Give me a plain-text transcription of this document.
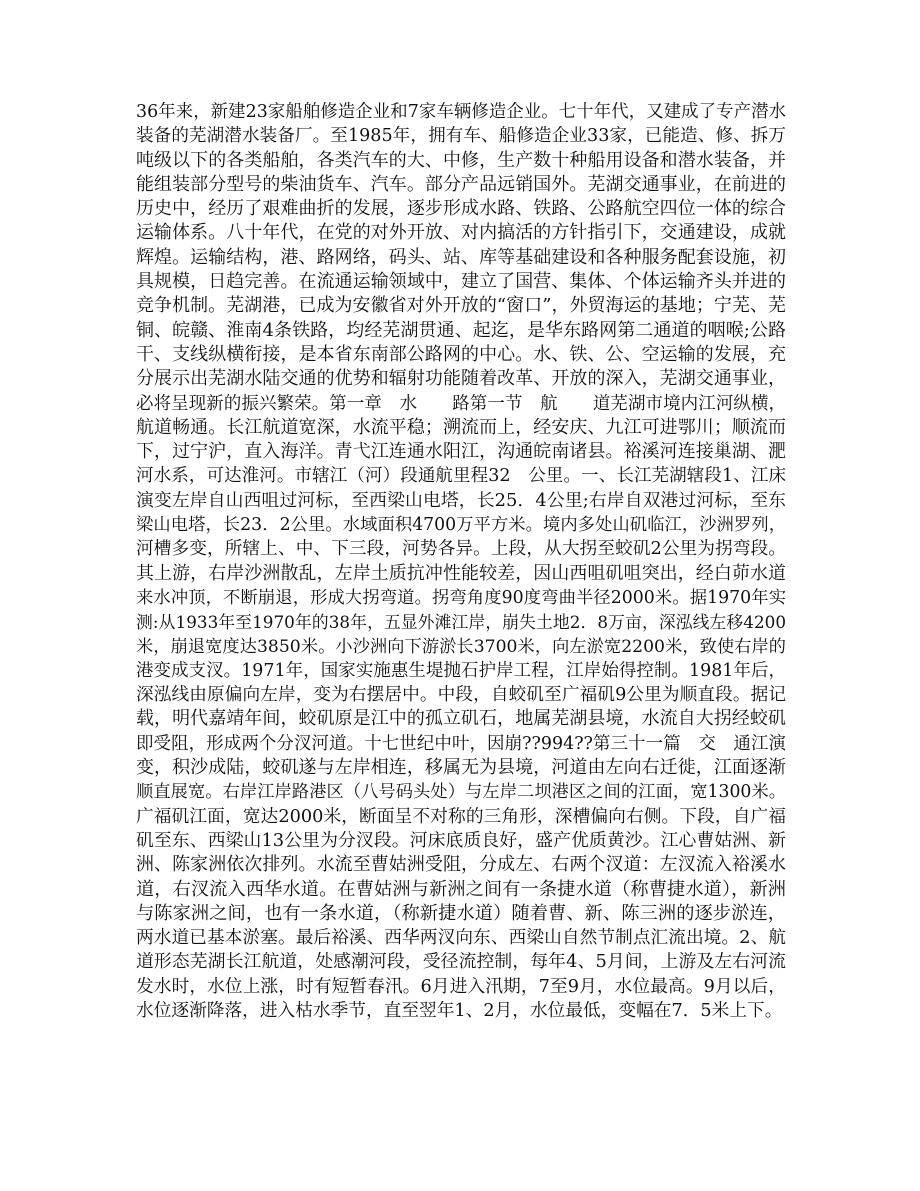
36年来，新建23家船舶修造企业和7家车辆修造企业。七十年代，又建成了专产潜水
装备的芜湖潜水装备厂。至1985年，拥有车、船修造企业33家，已能造、修、拆万
吨级以下的各类船舶，各类汽车的大、中修，生产数十种船用设备和潜水装备，并
能组装部分型号的柴油货车、汽车。部分产品远销国外。芜湖交通事业，在前进的
历史中，经历了艰难曲折的发展，逐步形成水路、铁路、公路航空四位一体的综合
运输体系。八十年代，在党的对外开放、对内搞活的方针指引下，交通建设，成就
辉煌。运输结构，港、路网络，码头、站、库等基础建设和各种服务配套设施，初
具规模，日趋完善。在流通运输领域中，建立了国营、集体、个体运输齐头并进的
竞争机制。芜湖港，已成为安徽省对外开放的“窗口”，外贸海运的基地；宁芜、芜
铜、皖赣、淮南4条铁路，均经芜湖贯通、起迄，是华东路网第二通道的咽喉;公路
干、支线纵横衔接，是本省东南部公路网的中心。水、铁、公、空运输的发展，充
分展示出芜湖水陆交通的优势和辐射功能随着改革、开放的深入，芜湖交通事业，
必将呈现新的振兴繁荣。第一章　水　　路第一节　航　　道芜湖市境内江河纵横，
航道畅通。长江航道宽深，水流平稳；溯流而上，经安庆、九江可进鄂川；顺流而
下，过宁沪，直入海洋。青弋江连通水阳江，沟通皖南诸县。裕溪河连接巢湖、淝
河水系，可达淮河。市辖江（河）段通航里程32　公里。一、长江芜湖辖段1、江床
演变左岸自山西咀过河标，至西梁山电塔，长25．4公里;右岸自双港过河标，至东
梁山电塔，长23．2公里。水域面积4700万平方米。境内多处山矶临江，沙洲罗列，
河槽多变，所辖上、中、下三段，河势各异。上段，从大拐至蛟矶2公里为拐弯段。
其上游，右岸沙洲散乱，左岸土质抗冲性能较差，因山西咀矶咀突出，经白茆水道
来水冲顶，不断崩退，形成大拐弯道。拐弯角度90度弯曲半径2000米。据1970年实
测:从1933年至1970年的38年，五显外滩江岸，崩失土地2．8万亩，深泓线左移4200
米，崩退宽度达3850米。小沙洲向下游淤长3700米，向左淤宽2200米，致使右岸的
港变成支汊。1971年，国家实施惠生堤抛石护岸工程，江岸始得控制。1981年后，
深泓线由原偏向左岸，变为右摆居中。中段，自蛟矶至广福矶9公里为顺直段。据记
载，明代嘉靖年间，蛟矶原是江中的孤立矶石，地属芜湖县境，水流自大拐经蛟矶
即受阻，形成两个分汊河道。十七世纪中叶，因崩??994??第三十一篇　交　通江演
变，积沙成陆，蛟矶遂与左岸相连，移属无为县境，河道由左向右迁徙，江面逐渐
顺直展宽。右岸江岸路港区（八号码头处）与左岸二坝港区之间的江面，宽1300米。
广福矶江面，宽达2000米，断面呈不对称的三角形，深槽偏向右侧。下段，自广福
矶至东、西梁山13公里为分汊段。河床底质良好，盛产优质黄沙。江心曹姑洲、新
洲、陈家洲依次排列。水流至曹姑洲受阻，分成左、右两个汊道：左汊流入裕溪水
道，右汊流入西华水道。在曹姑洲与新洲之间有一条捷水道（称曹捷水道），新洲
与陈家洲之间，也有一条水道，（称新捷水道）随着曹、新、陈三洲的逐步淤连，
两水道已基本淤塞。最后裕溪、西华两汊向东、西梁山自然节制点汇流出境。2、航
道形态芜湖长江航道，处感潮河段，受径流控制，每年4、5月间，上游及左右河流
发水时，水位上涨，时有短暂春汛。6月进入汛期，7至9月，水位最高。9月以后，
水位逐渐降落，进入枯水季节，直至翌年1、2月，水位最低，变幅在7．5米上下。
